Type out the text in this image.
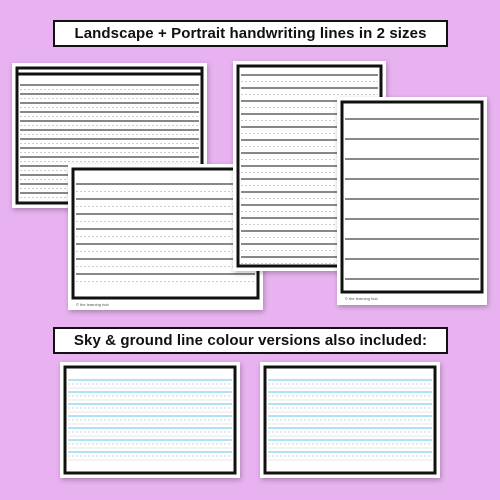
Landscape + Portrait handwriting lines in 2 sizes
© the learning hub
© the learning hub
Sky & ground line colour versions also included:
